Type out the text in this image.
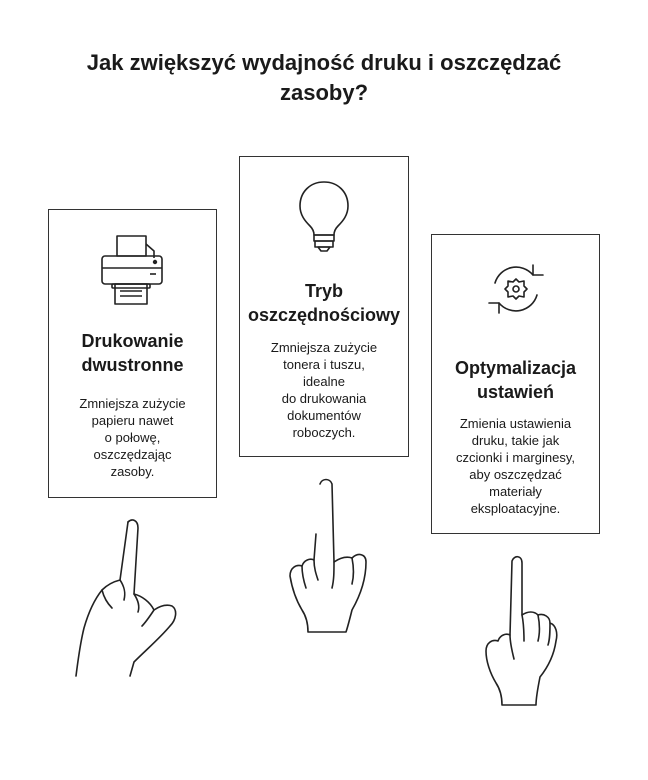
Jak zwiększyć wydajność druku i oszczędzać zasoby?
Drukowanie dwustronne
Zmniejsza zużycie
papieru nawet
o połowę,
oszczędzając
zasoby.
Tryb oszczędnościowy
Zmniejsza zużycie
tonera i tuszu,
idealne
do drukowania
dokumentów
roboczych.
Optymalizacja ustawień
Zmienia ustawienia
druku, takie jak
czcionki i marginesy,
aby oszczędzać
materiały
eksploatacyjne.
